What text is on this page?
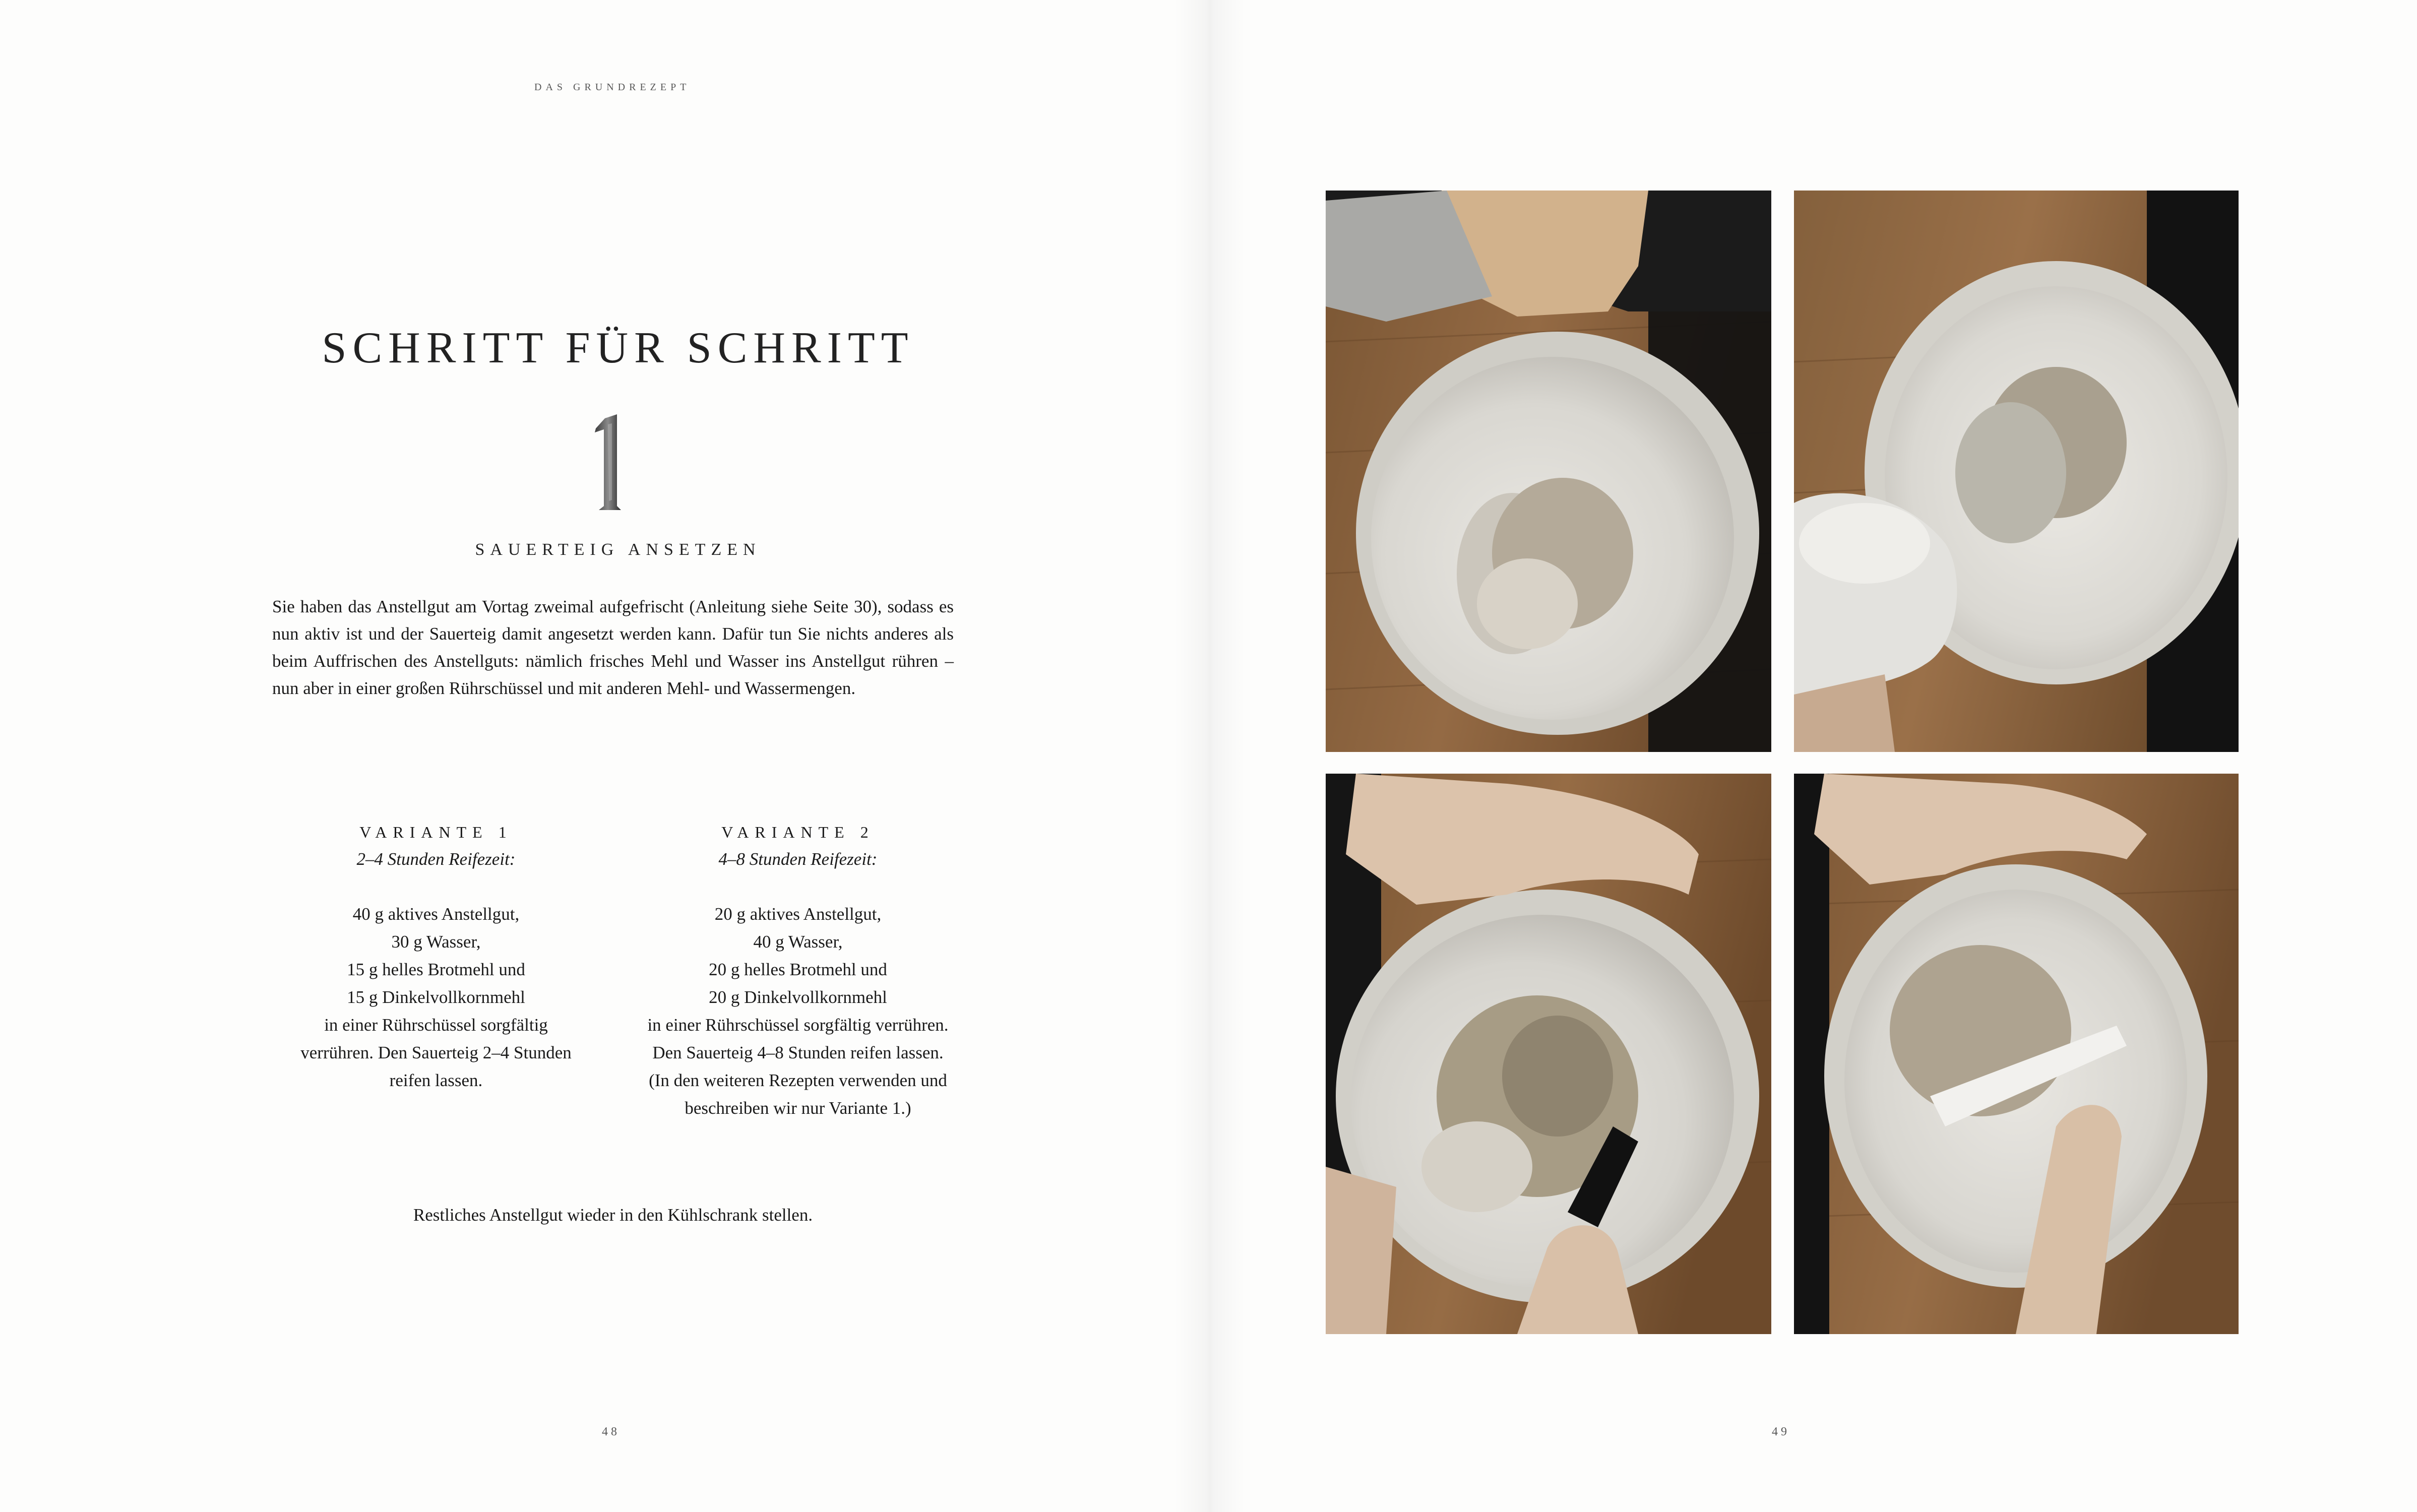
DAS GRUNDREZEPT
SCHRITT FÜR SCHRITT
SAUERTEIG ANSETZEN

Sie haben das Anstellgut am Vortag zweimal aufgefrischt (Anleitung siehe Seite 30), sodass es nun aktiv ist und der Sauerteig damit angesetzt werden kann. Dafür tun Sie nichts anderes als beim Auffrischen des Anstellguts: nämlich frisches Mehl und Wasser ins Anstellgut rühren – nun aber in einer großen Rührschüssel und mit anderen Mehl- und Wassermengen.

VARIANTE 1
2–4 Stunden Reifezeit:
40 g aktives Anstellgut,
30 g Wasser,
15 g helles Brotmehl und
15 g Dinkelvollkornmehl
in einer Rührschüssel sorgfältig
verrühren. Den Sauerteig 2–4 Stunden
reifen lassen.
VARIANTE 2
4–8 Stunden Reifezeit:
20 g aktives Anstellgut,
40 g Wasser,
20 g helles Brotmehl und
20 g Dinkelvollkornmehl
in einer Rührschüssel sorgfältig verrühren.
Den Sauerteig 4–8 Stunden reifen lassen.
(In den weiteren Rezepten verwenden und
beschreiben wir nur Variante 1.)
Restliches Anstellgut wieder in den Kühlschrank stellen.
48	49
